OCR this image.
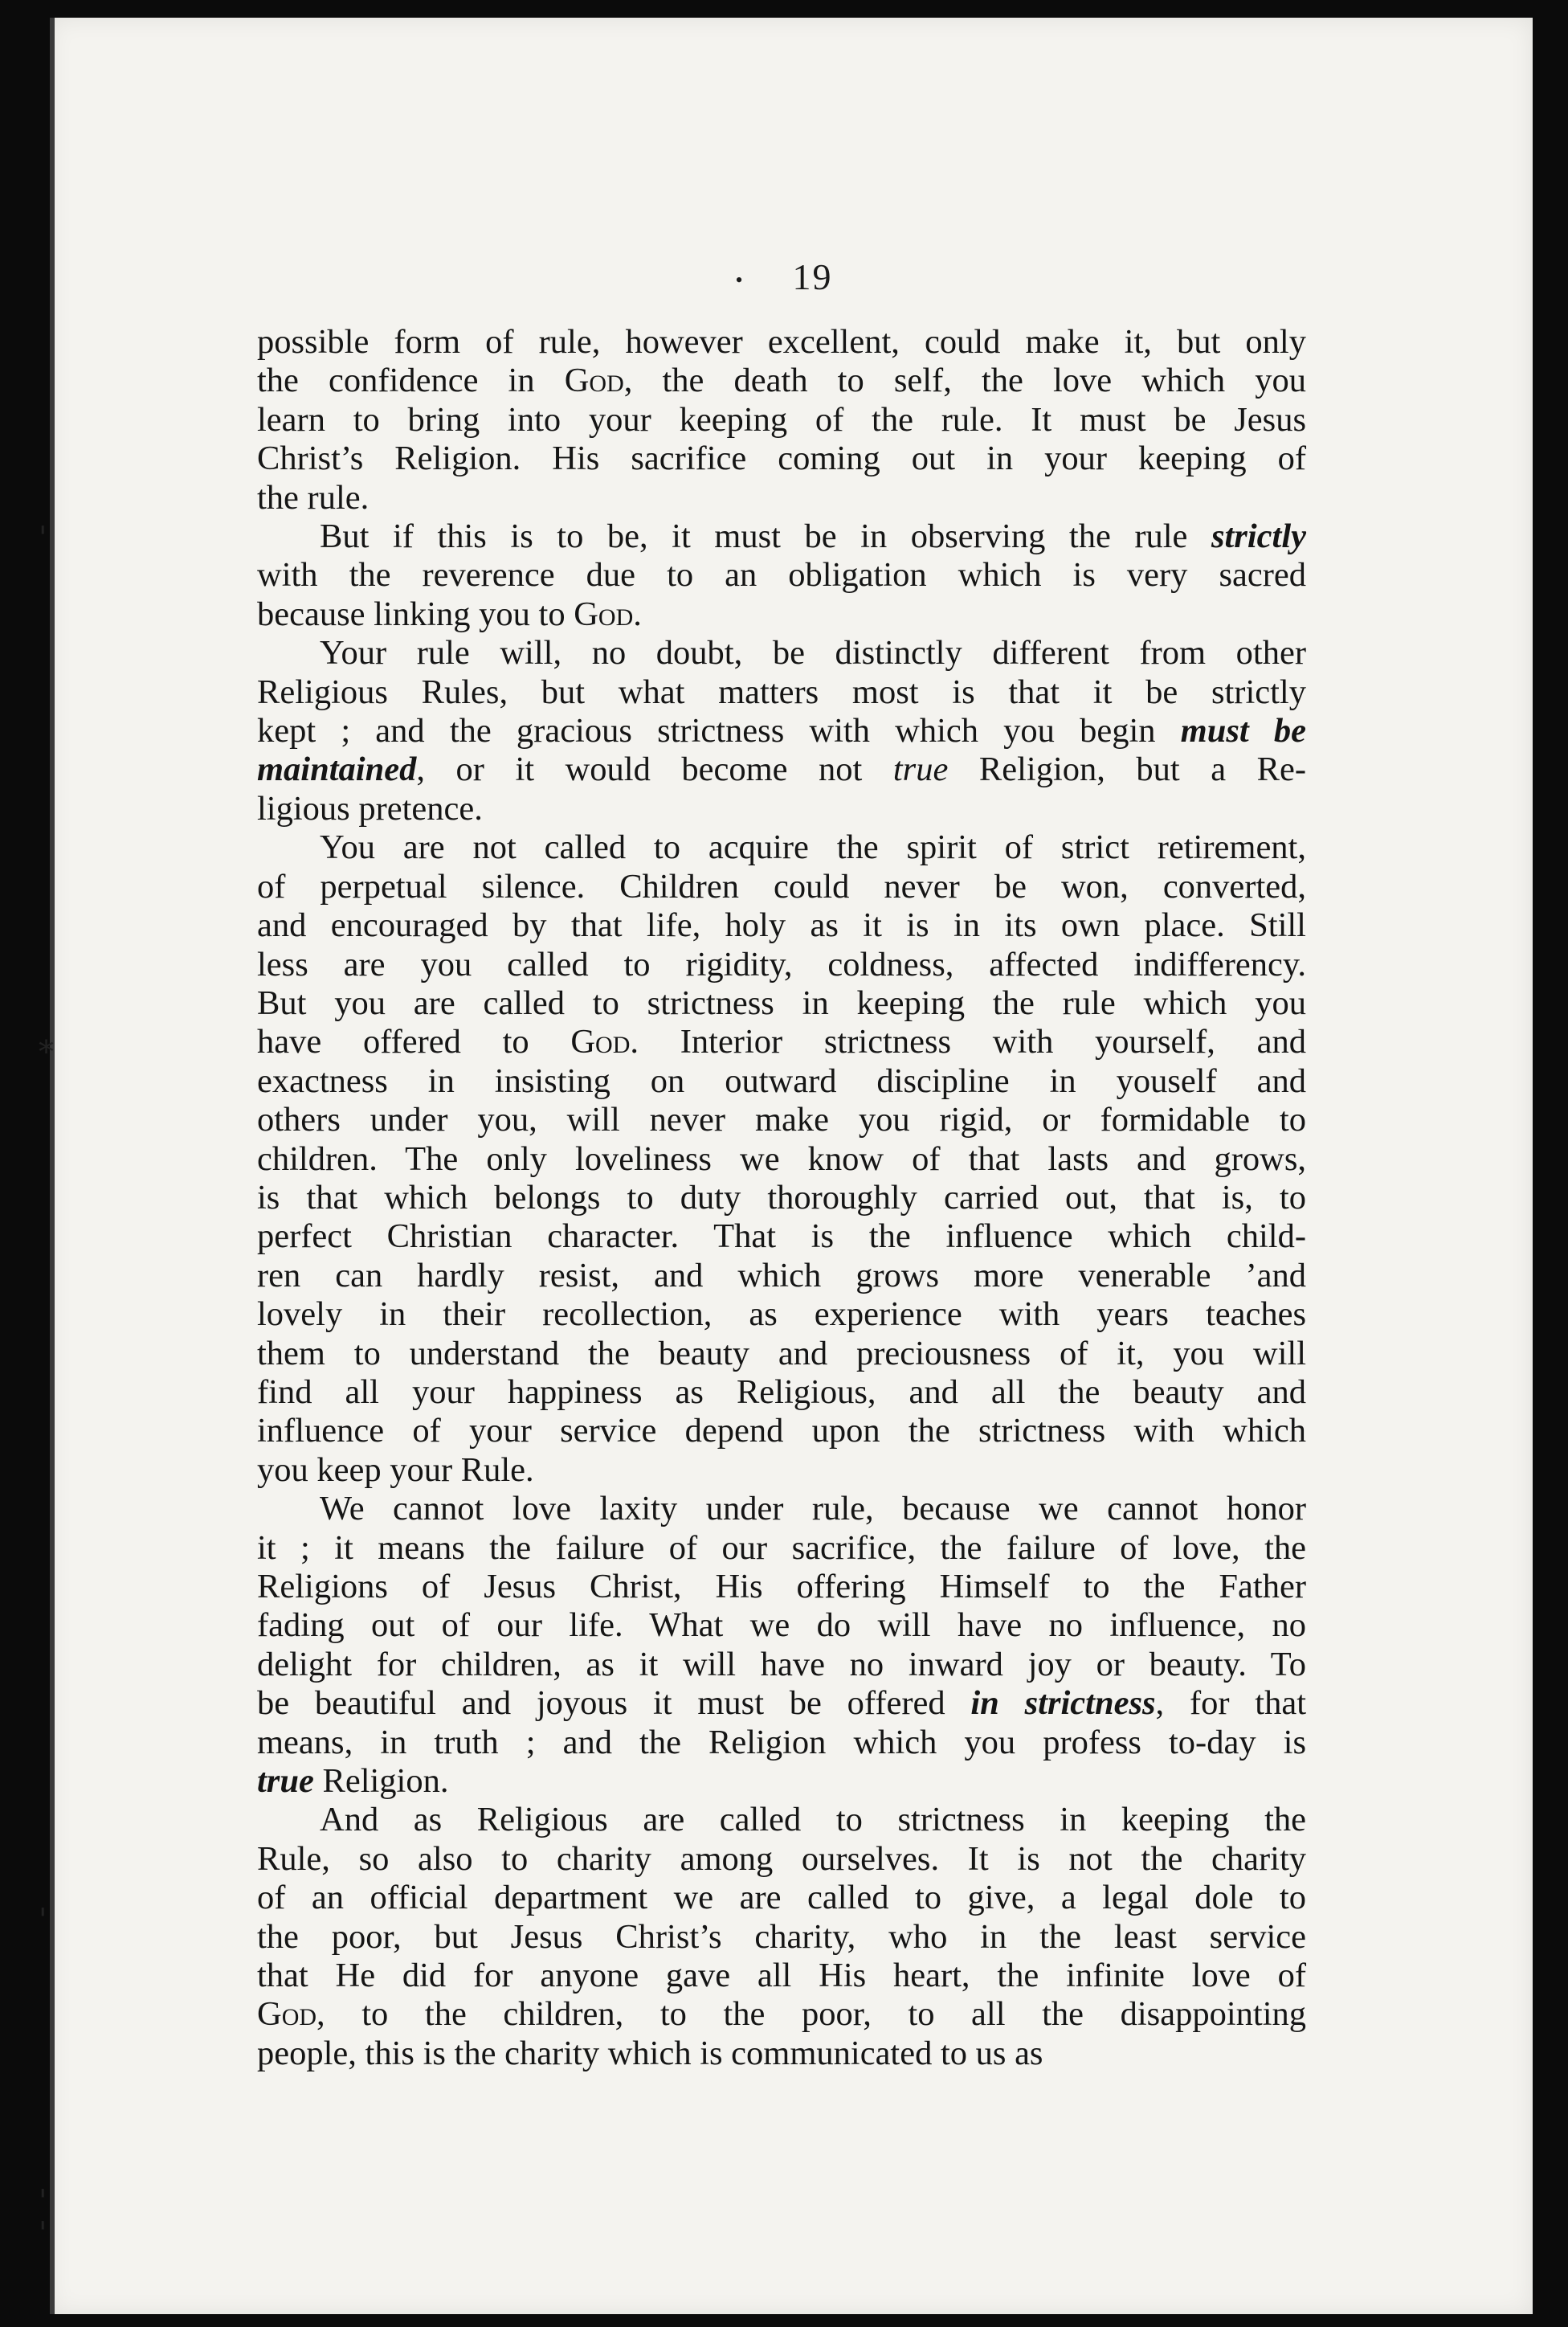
'
*
'
'
'
• 19
possible form of rule, however excellent, could make it, but only
the confidence in God, the death to self, the love which you
learn to bring into your keeping of the rule. It must be Jesus
Christ’s Religion. His sacrifice coming out in your keeping of
the rule.
But if this is to be, it must be in observing the rule strictly
with the reverence due to an obligation which is very sacred
because linking you to God.
Your rule will, no doubt, be distinctly different from other
Religious Rules, but what matters most is that it be strictly
kept ; and the gracious strictness with which you begin must be
maintained, or it would become not true Religion, but a Re-
ligious pretence.
You are not called to acquire the spirit of strict retirement,
of perpetual silence. Children could never be won, converted,
and encouraged by that life, holy as it is in its own place. Still
less are you called to rigidity, coldness, affected indifferency.
But you are called to strictness in keeping the rule which you
have offered to God. Interior strictness with yourself, and
exactness in insisting on outward discipline in youself and
others under you, will never make you rigid, or formidable to
children. The only loveliness we know of that lasts and grows,
is that which belongs to duty thoroughly carried out, that is, to
perfect Christian character. That is the influence which child-
ren can hardly resist, and which grows more venerable ’and
lovely in their recollection, as experience with years teaches
them to understand the beauty and preciousness of it, you will
find all your happiness as Religious, and all the beauty and
influence of your service depend upon the strictness with which
you keep your Rule.
We cannot love laxity under rule, because we cannot honor
it ; it means the failure of our sacrifice, the failure of love, the
Religions of Jesus Christ, His offering Himself to the Father
fading out of our life. What we do will have no influence, no
delight for children, as it will have no inward joy or beauty. To
be beautiful and joyous it must be offered in strictness, for that
means, in truth ; and the Religion which you profess to-day is
true Religion.
And as Religious are called to strictness in keeping the
Rule, so also to charity among ourselves. It is not the charity
of an official department we are called to give, a legal dole to
the poor, but Jesus Christ’s charity, who in the least service
that He did for anyone gave all His heart, the infinite love of
God, to the children, to the poor, to all the disappointing
people, this is the charity which is communicated to us as
